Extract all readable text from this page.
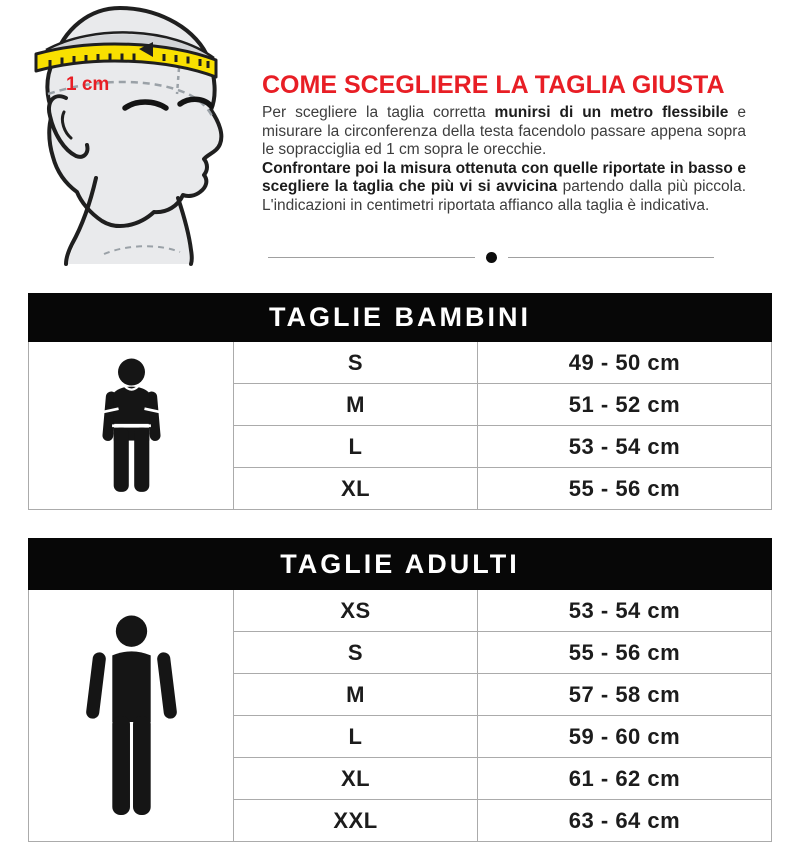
1 cm	COME SCEGLIERE LA TAGLIA GIUSTA

Per scegliere la taglia corretta munirsi di un metro flessibile e misurare la circonferenza della testa facendolo passare appena sopra le sopracciglia ed 1 cm sopra le orecchie.

Confrontare poi la misura ottenuta con quelle riportate in basso e scegliere la taglia che più vi si avvicina partendo dalla più piccola. L'indicazioni in centimetri riportata affianco alla taglia è indicativa.

TAGLIE BAMBINI
S	49 - 50 cm
M	51 - 52 cm
L	53 - 54 cm
XL	55 - 56 cm
TAGLIE ADULTI
XS	53 - 54 cm
S	55 - 56 cm
M	57 - 58 cm
L	59 - 60 cm
XL	61 - 62 cm
XXL	63 - 64 cm
